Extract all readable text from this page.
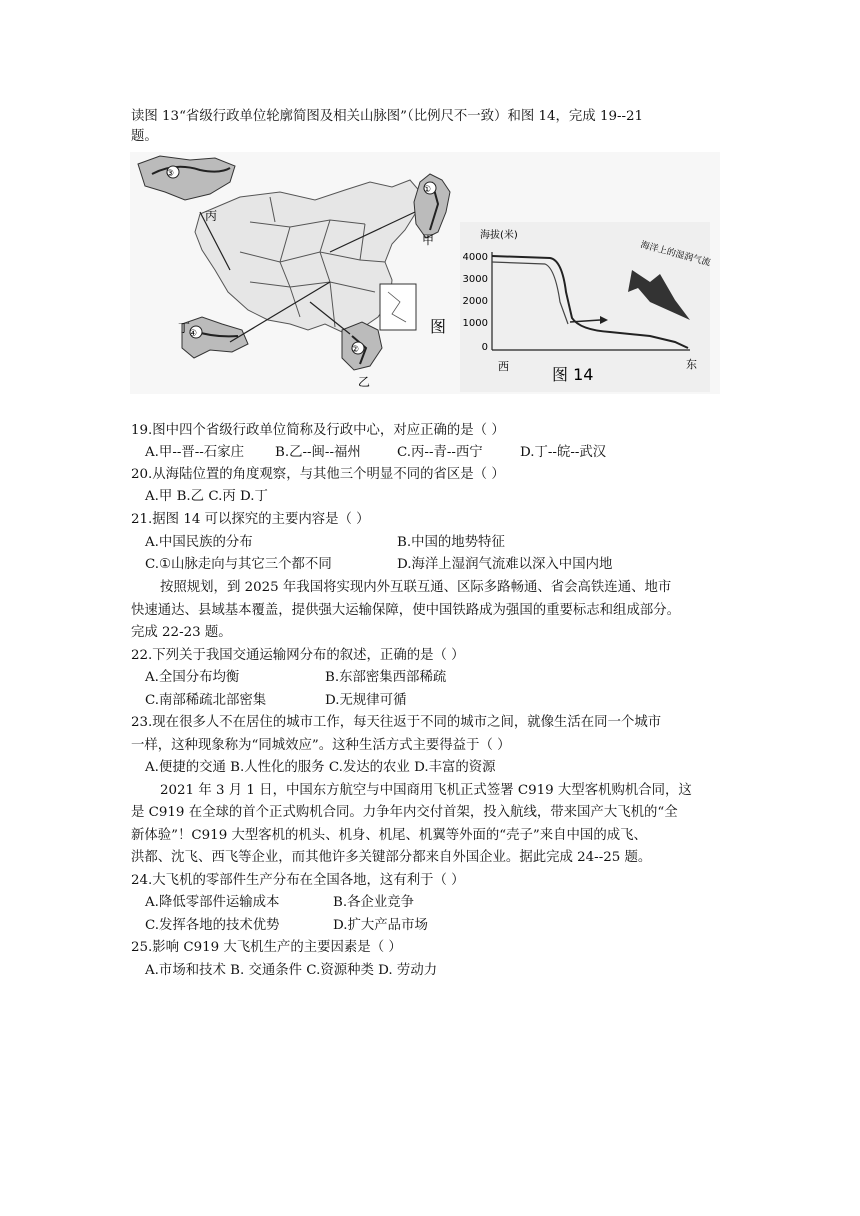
读图 13“省级行政单位轮廓简图及相关山脉图”（比例尺不一致）和图 14，完成 19--21
题。
③
丙
①
甲
④
丁
②
乙
图
海拔(米)
4000
3000
2000
1000
0
海洋上的湿润气流
西	图 14
东
19.图中四个省级行政单位简称及行政中心，对应正确的是（ ）
A.甲--晋--石家庄 B.乙--闽--福州	C.丙--青--西宁	D.丁--皖--武汉
20.从海陆位置的角度观察，与其他三个明显不同的省区是（ ）
A.甲 B.乙 C.丙 D.丁
21.据图 14 可以探究的主要内容是（ ）
A.中国民族的分布	B.中国的地势特征
C.①山脉走向与其它三个都不同	D.海洋上湿润气流难以深入中国内地
按照规划，到 2025 年我国将实现内外互联互通、区际多路畅通、省会高铁连通、地市
快速通达、县域基本覆盖，提供强大运输保障，使中国铁路成为强国的重要标志和组成部分。
完成 22-23 题。
22.下列关于我国交通运输网分布的叙述，正确的是（ ）
A.全国分布均衡	B.东部密集西部稀疏
C.南部稀疏北部密集	D.无规律可循
23.现在很多人不在居住的城市工作，每天往返于不同的城市之间，就像生活在同一个城市
一样，这种现象称为“同城效应”。这种生活方式主要得益于（ ）
A.便捷的交通 B.人性化的服务 C.发达的农业 D.丰富的资源
2021 年 3 月 1 日，中国东方航空与中国商用飞机正式签署 C919 大型客机购机合同，这
是 C919 在全球的首个正式购机合同。力争年内交付首架，投入航线，带来国产大飞机的“全
新体验”！C919 大型客机的机头、机身、机尾、机翼等外面的“壳子”来自中国的成飞、
洪都、沈飞、西飞等企业，而其他许多关键部分都来自外国企业。据此完成 24--25 题。
24.大飞机的零部件生产分布在全国各地，这有利于（ ）
A.降低零部件运输成本	B.各企业竞争
C.发挥各地的技术优势	D.扩大产品市场
25.影响 C919 大飞机生产的主要因素是（ ）
A.市场和技术 B. 交通条件 C.资源种类 D. 劳动力
